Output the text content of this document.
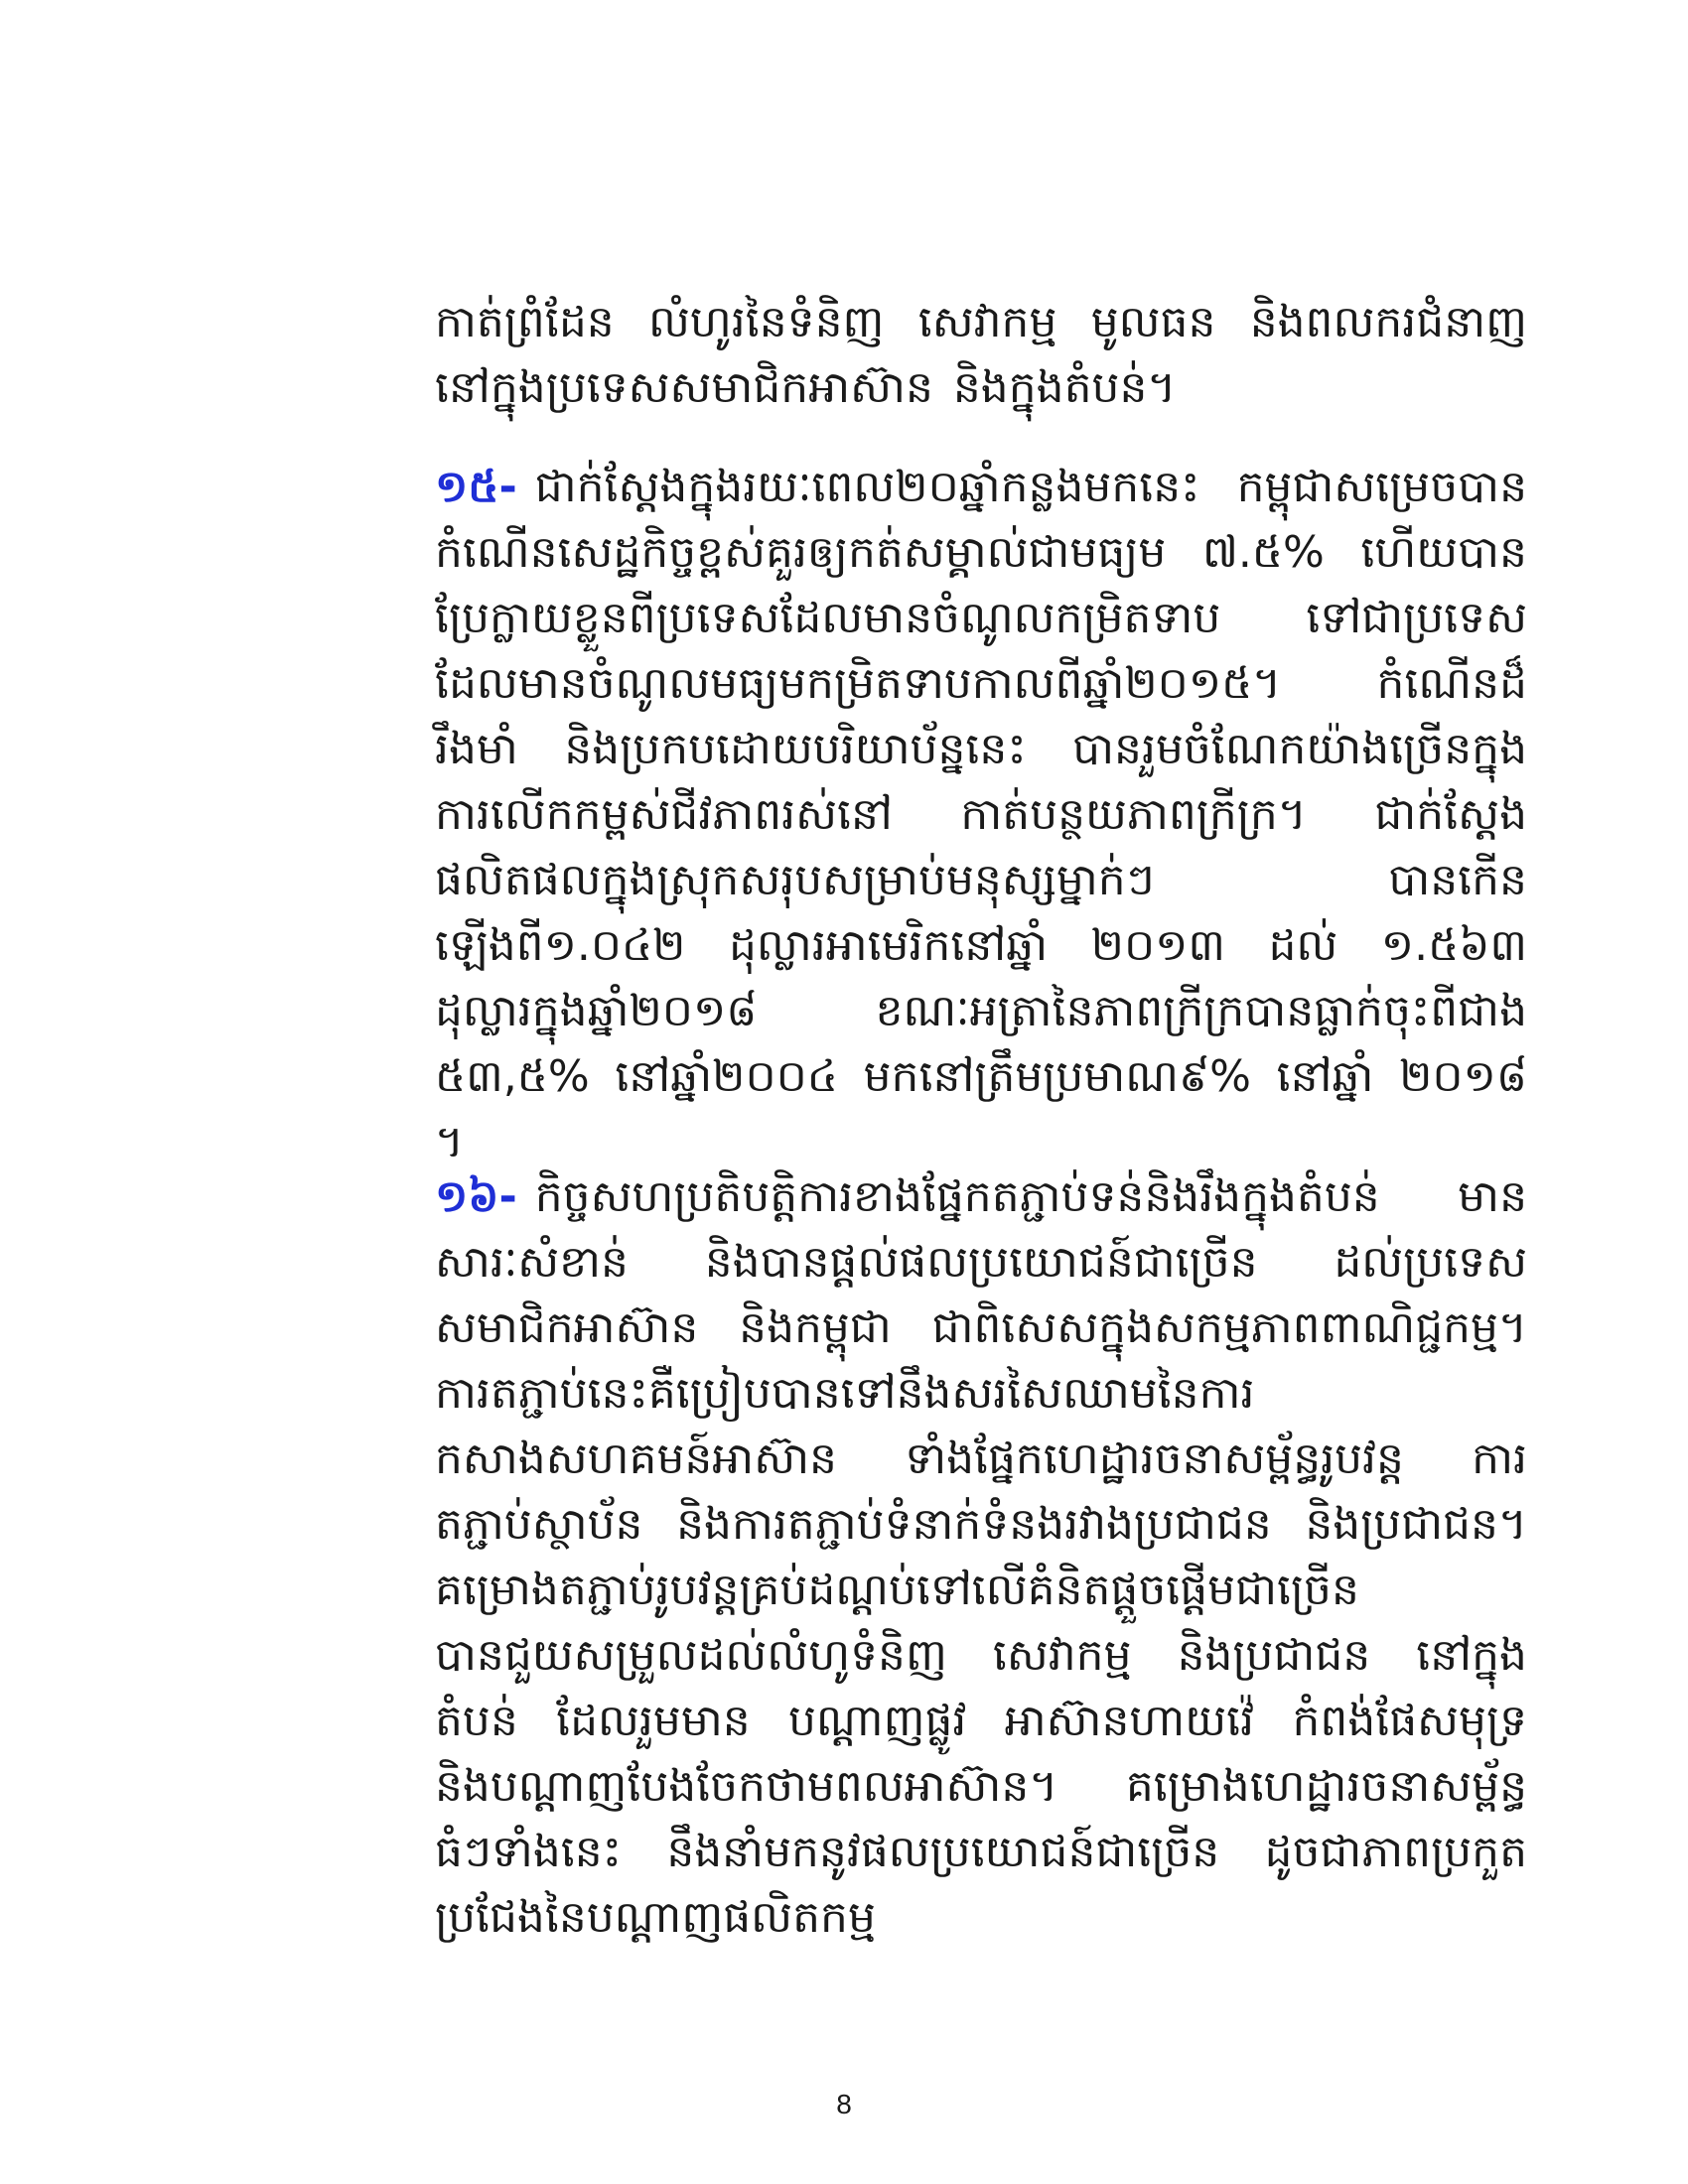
កាត់ព្រំដែន លំហូរនៃទំនិញ សេវាកម្ម មូលធន និងពលករជំនាញ នៅក្នុងប្រទេសសមាជិកអាស៊ាន និងក្នុងតំបន់។

១៥- ជាក់ស្តែងក្នុងរយៈពេល២០ឆ្នាំកន្លងមកនេះ កម្ពុជាសម្រេចបានកំណើនសេដ្ឋកិច្ចខ្ពស់គួរឲ្យកត់សម្គាល់ជាមធ្យម ៧.៥% ហើយបានប្រែក្លាយខ្លួនពីប្រទេសដែលមានចំណូលកម្រិតទាប ទៅជាប្រទេសដែលមានចំណូលមធ្យមកម្រិតទាបកាលពីឆ្នាំ២០១៥។ កំណើនដ៏រឹងមាំ និងប្រកបដោយបរិយាប័ន្ននេះ បានរួមចំណែកយ៉ាងច្រើនក្នុងការលើកកម្ពស់ជីវភាពរស់នៅ កាត់បន្ថយភាពក្រីក្រ។ ជាក់ស្តែងផលិតផលក្នុងស្រុកសរុបសម្រាប់មនុស្សម្នាក់ៗ បានកើនឡើងពី១.០៤២ ដុល្លារអាមេរិកនៅឆ្នាំ ២០១៣ ដល់ ១.៥៦៣ ដុល្លារក្នុងឆ្នាំ២០១៨ ខណៈអត្រានៃភាពក្រីក្របានធ្លាក់ចុះពីជាង ៥៣,៥% នៅឆ្នាំ២០០៤ មកនៅត្រឹមប្រមាណ៩% នៅឆ្នាំ ២០១៨ ។

១៦- កិច្ចសហប្រតិបត្តិការខាងផ្នែកតភ្ជាប់ទន់និងរឹងក្នុងតំបន់ មានសារៈសំខាន់ និងបានផ្តល់ផលប្រយោជន៍ជាច្រើន ដល់ប្រទេសសមាជិកអាស៊ាន និងកម្ពុជា ជាពិសេសក្នុងសកម្មភាពពាណិជ្ជកម្ម។ ការតភ្ជាប់នេះគឺប្រៀបបានទៅនឹងសរសៃឈាមនៃការកសាងសហគមន៍អាស៊ាន ទាំងផ្នែកហេដ្ឋារចនាសម្ព័ន្ធរូបវន្ត ការតភ្ជាប់ស្ថាប័ន និងការតភ្ជាប់ទំនាក់ទំនងរវាងប្រជាជន និងប្រជាជន។ គម្រោងតភ្ជាប់រូបវន្តគ្រប់ដណ្តប់ទៅលើគំនិតផ្តួចផ្តើមជាច្រើន បានជួយសម្រួលដល់លំហូទំនិញ សេវាកម្ម និងប្រជាជន នៅក្នុងតំបន់ ដែលរួមមាន បណ្តាញផ្លូវ អាស៊ានហាយវ៉េ កំពង់ផែសមុទ្រ និងបណ្តាញបែងចែកថាមពលអាស៊ាន។ គម្រោងហេដ្ឋារចនាសម្ព័ន្ធធំៗទាំងនេះ នឹងនាំមកនូវផលប្រយោជន៍ជាច្រើន ដូចជាភាពប្រកួតប្រជែងនៃបណ្តាញផលិតកម្ម

8
